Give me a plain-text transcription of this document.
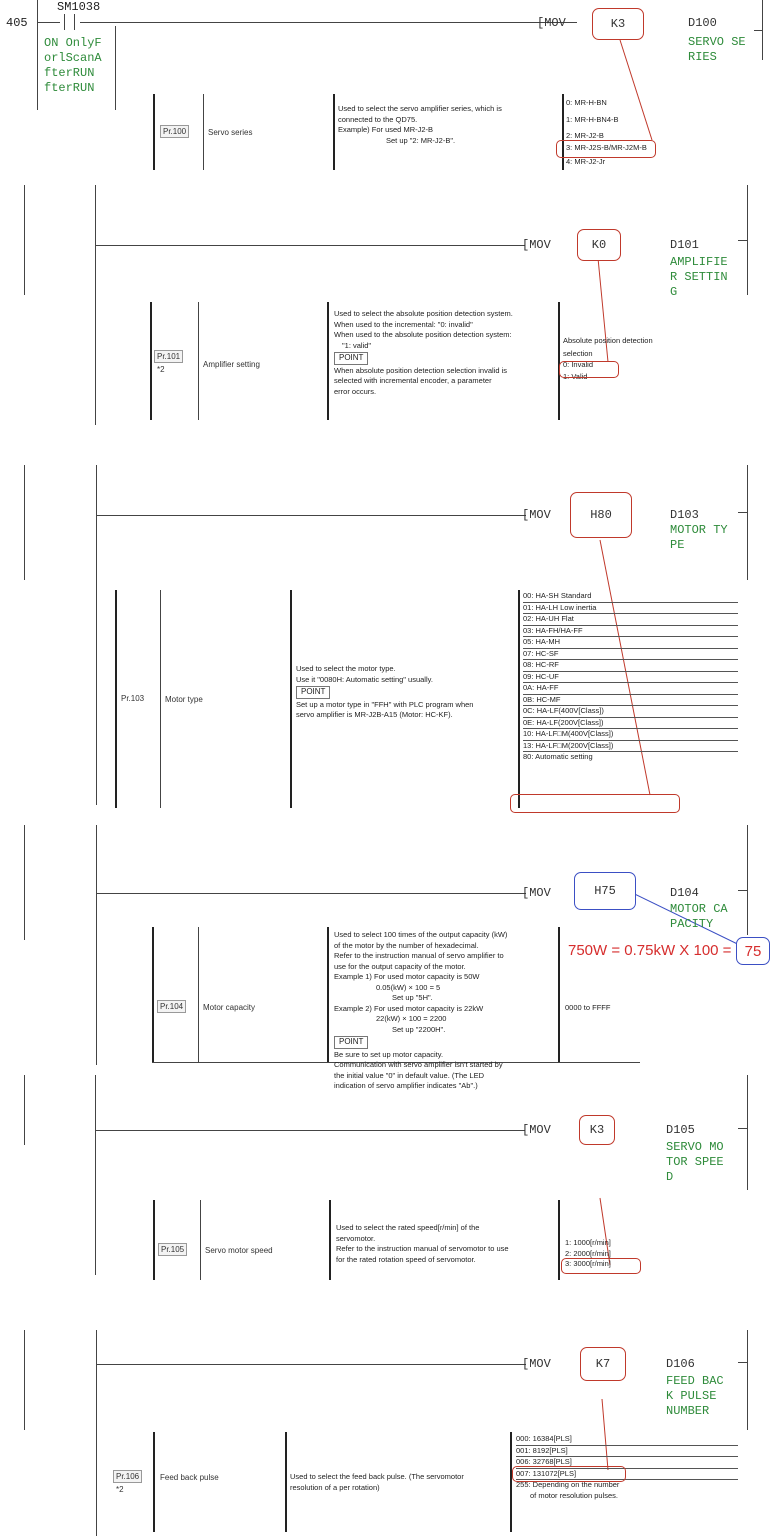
405
SM1038
ON OnlyF
orlScanA
fterRUN
fterRUN
[MOV	K3	D100
SERVO SE
RIES
Pr.100	Servo series

Used to select the servo amplifier series, which is

connected to the QD75.

Example) For used MR-J2-B

Set up "2: MR-J2-B".

0: MR-H-BN
1: MR-H-BN4-B
2: MR-J2-B
3: MR-J2S-B/MR-J2M-B
4: MR-J2-Jr
[MOV	K0	D101
AMPLIFIE
R SETTIN
G
Pr.101
*2
Amplifier setting

Used to select the absolute position detection system.

When used to the incremental: "0: invalid"

When used to the absolute position detection system:

"1: valid"

POINT

When absolute position detection selection invalid is

selected with incremental encoder, a parameter

error occurs.

Absolute position detection
selection
0: Invalid
1: Valid
[MOV	H80	D103
MOTOR TY
PE
Pr.103	Motor type

Used to select the motor type.

Use it "0080H: Automatic setting" usually.

POINT

Set up a motor type in "FFH" with PLC program when

servo amplifier is MR-J2B-A15 (Motor: HC-KF).

00: HA-SH Standard
01: HA-LH Low inertia
02: HA-UH Flat
03: HA-FH/HA-FF
05: HA-MH
07: HC-SF
08: HC-RF
09: HC-UF
0A: HA-FF
0B: HC-MF
0C: HA-LF(400V[Class])
0E: HA-LF(200V[Class])
10: HA-LF□M(400V[Class])
13: HA-LF□M(200V[Class])
80: Automatic setting
[MOV	H75	D104
MOTOR CA
PACITY
Pr.104	Motor capacity

Used to select 100 times of the output capacity (kW)

of the motor by the number of hexadecimal.

Refer to the instruction manual of servo amplifier to

use for the output capacity of the motor.

Example 1) For used motor capacity is 50W

0.05(kW) × 100 = 5

Set up "5H".

Example 2) For used motor capacity is 22kW

22(kW) × 100 = 2200

Set up "2200H".

POINT

Be sure to set up motor capacity.

Communication with servo amplifier isn't started by

the initial value "0" in default value. (The LED

indication of servo amplifier indicates "Ab".)

0000 to FFFF
750W = 0.75kW X 100 = 75
[MOV	K3	D105
SERVO MO
TOR SPEE
D
Pr.105	Servo motor speed

Used to select the rated speed[r/min] of the

servomotor.

Refer to the instruction manual of servomotor to use

for the rated rotation speed of servomotor.

1: 1000[r/min]
2: 2000[r/min]
3: 3000[r/min]
[MOV	K7	D106
FEED BAC
K PULSE
NUMBER
Pr.106
*2
Feed back pulse	Used to select the feed back pulse. (The servomotor

resolution of a per rotation)

000: 16384[PLS]
001: 8192[PLS]
006: 32768[PLS]
007: 131072[PLS]
255: Depending on the number
of motor resolution pulses.
